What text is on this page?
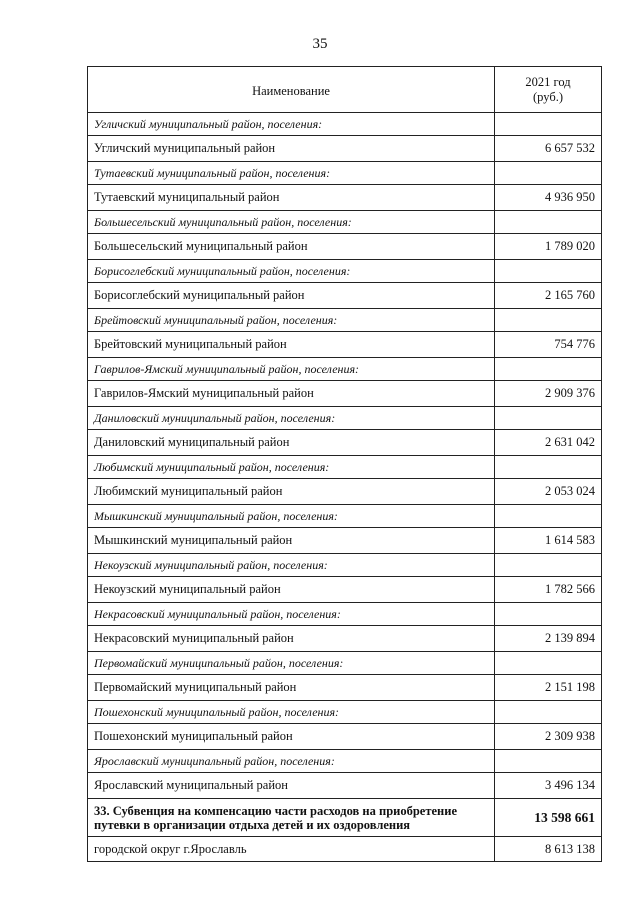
35
Наименование	2021 год
(руб.)

Угличский муниципальный район, поселения:	
Угличский муниципальный район	6 657 532
Тутаевский муниципальный район, поселения:	
Тутаевский муниципальный район	4 936 950
Большесельский муниципальный район, поселения:	
Большесельский муниципальный район	1 789 020
Борисоглебский муниципальный район, поселения:	
Борисоглебский муниципальный район	2 165 760
Брейтовский муниципальный район, поселения:	
Брейтовский муниципальный район	754 776
Гаврилов-Ямский муниципальный район, поселения:	
Гаврилов-Ямский муниципальный район	2 909 376
Даниловский муниципальный район, поселения:	
Даниловский муниципальный район	2 631 042
Любимский муниципальный район, поселения:	
Любимский муниципальный район	2 053 024
Мышкинский муниципальный район, поселения:	
Мышкинский муниципальный район	1 614 583
Некоузский муниципальный район, поселения:	
Некоузский муниципальный район	1 782 566
Некрасовский муниципальный район, поселения:	
Некрасовский муниципальный район	2 139 894
Первомайский муниципальный район, поселения:	
Первомайский муниципальный район	2 151 198
Пошехонский муниципальный район, поселения:	
Пошехонский муниципальный район	2 309 938
Ярославский муниципальный район, поселения:	
Ярославский муниципальный район	3 496 134

33. Субвенция на компенсацию части расходов на приобретение
путевки в организации отдыха детей и их оздоровления	13 598 661
городской округ г.Ярославль	8 613 138
